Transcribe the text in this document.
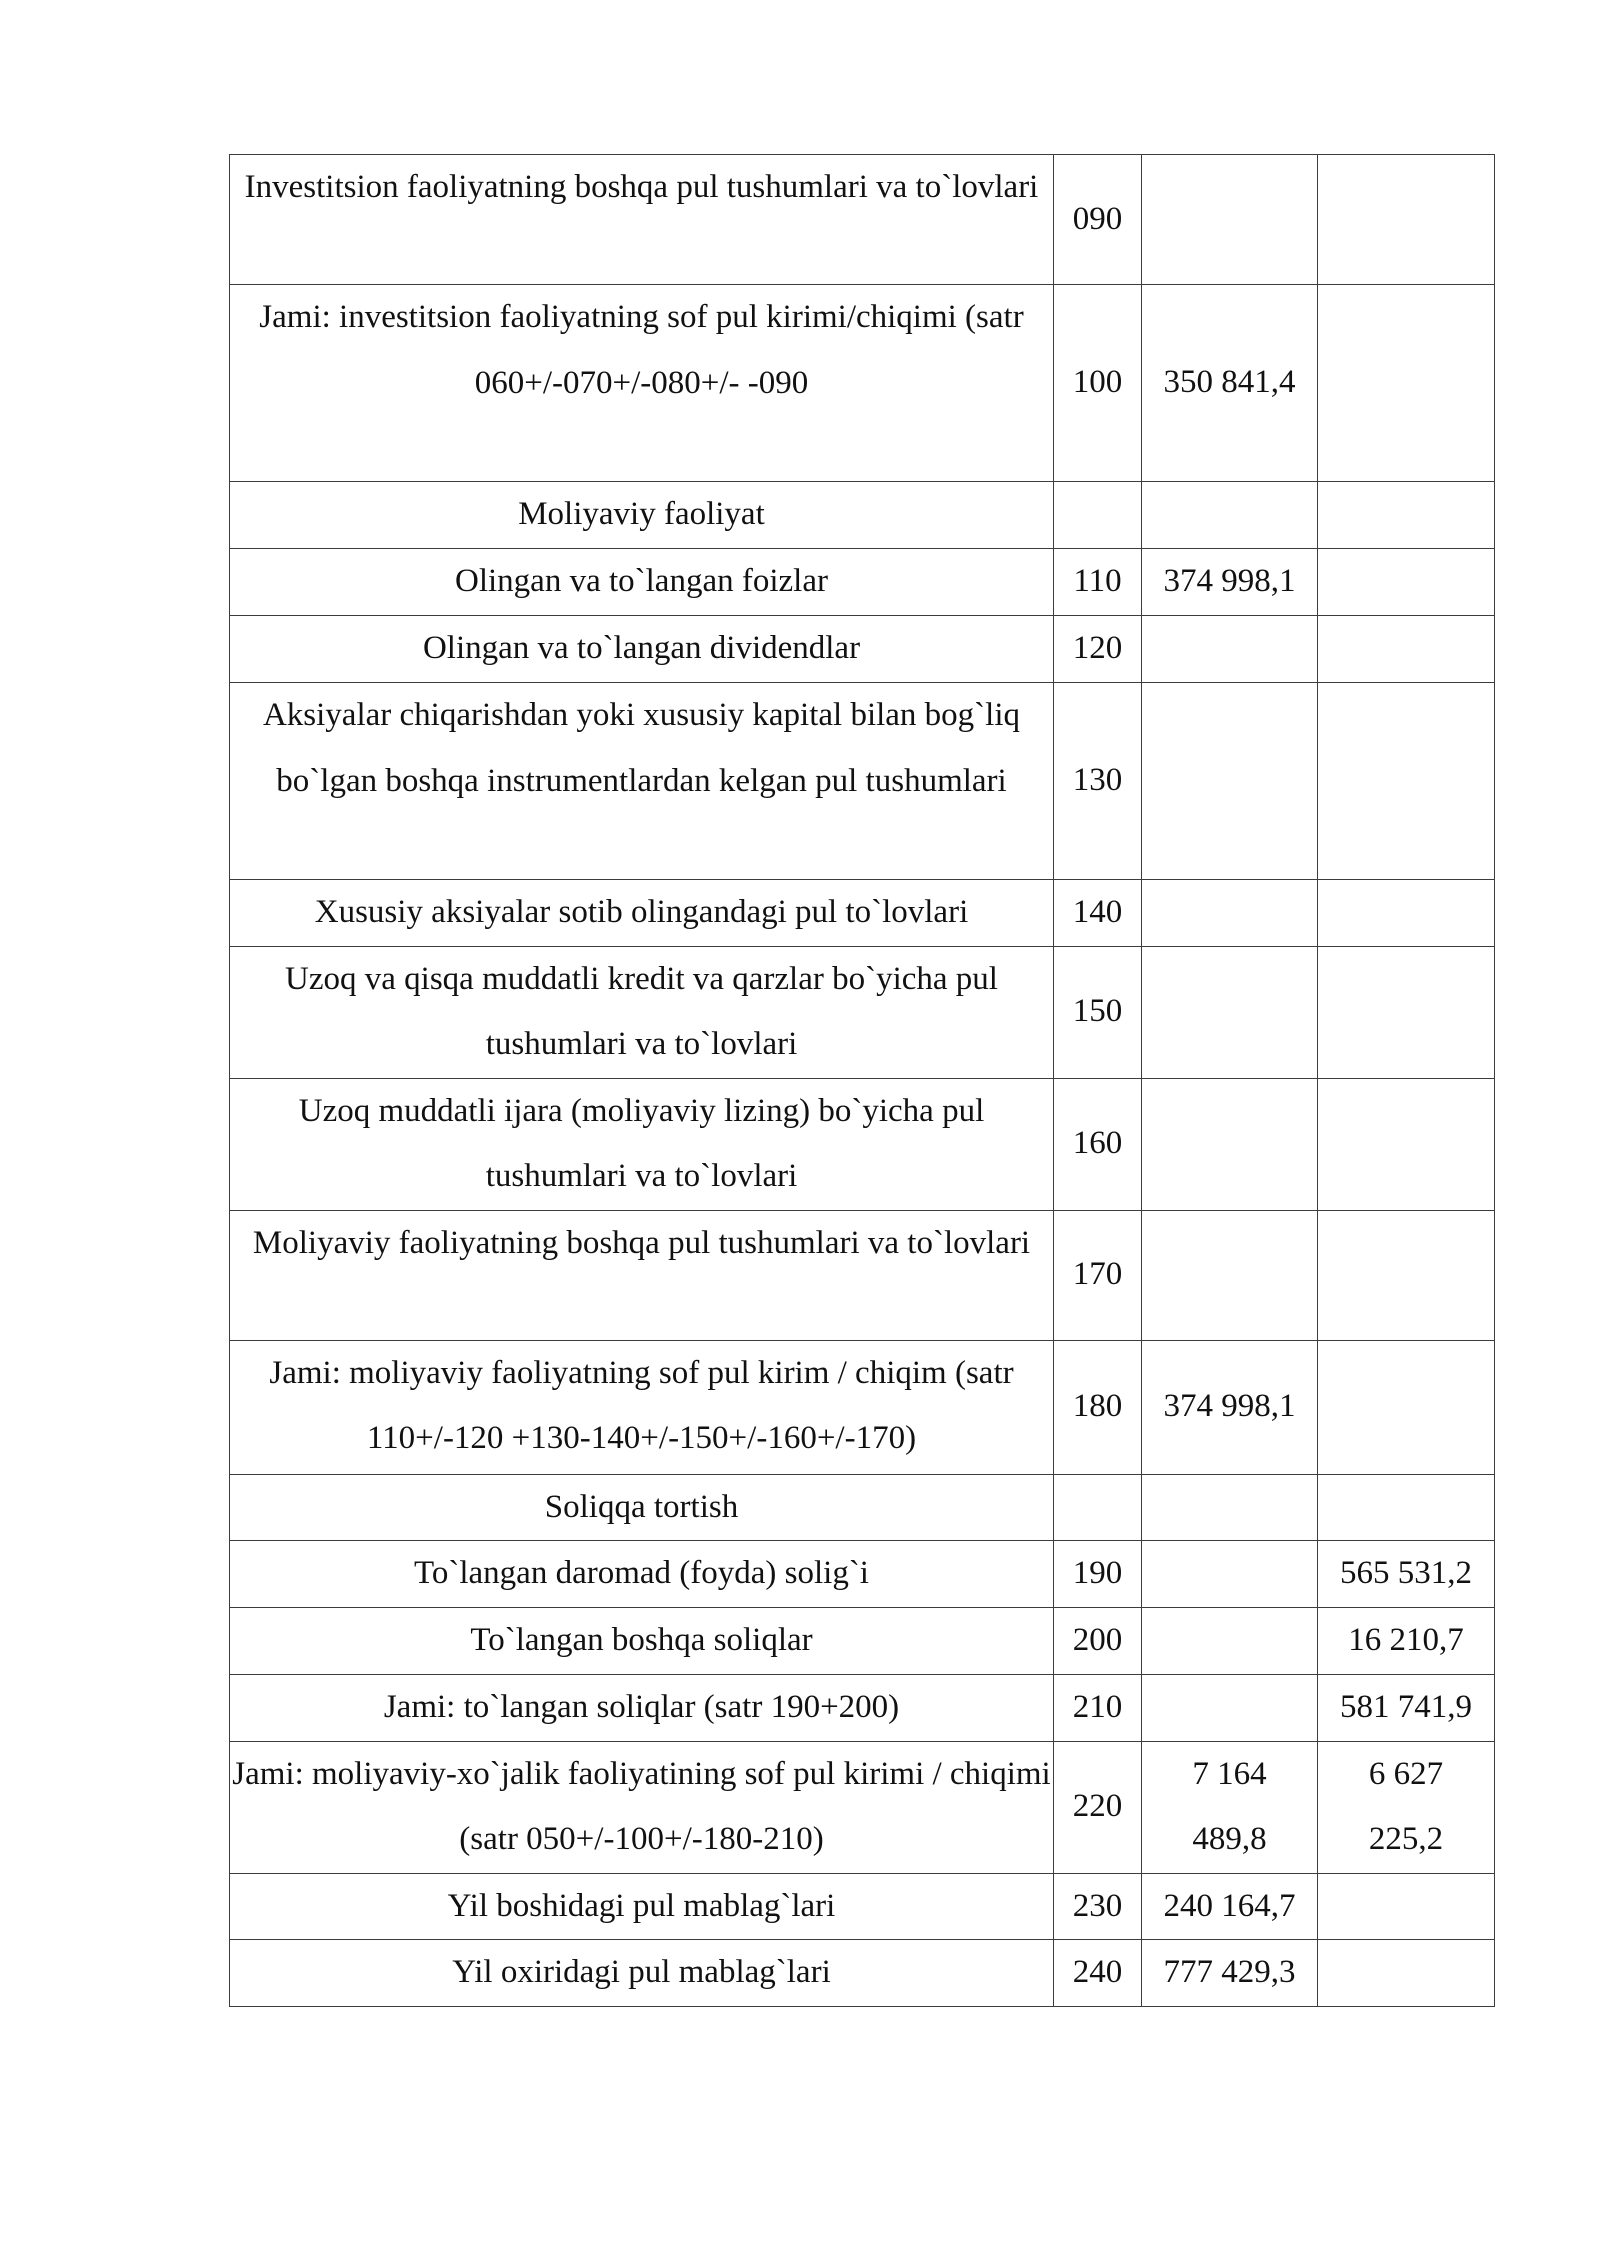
Investitsion faoliyatning boshqa pul tushumlari va to`lovlari	090		
Jami: investitsion faoliyatning sof pul kirimi/chiqimi (satr 060+/-070+/-080+/- -090	100	350 841,4	
Moliyaviy faoliyat			
Olingan va to`langan foizlar	110	374 998,1	
Olingan va to`langan dividendlar	120		
Aksiyalar chiqarishdan yoki xususiy kapital bilan bog`liq bo`lgan boshqa instrumentlardan kelgan pul tushumlari	130		
Xususiy aksiyalar sotib olingandagi pul to`lovlari	140		
Uzoq va qisqa muddatli kredit va qarzlar bo`yicha pul tushumlari va to`lovlari	150		
Uzoq muddatli ijara (moliyaviy lizing) bo`yicha pul tushumlari va to`lovlari	160		
Moliyaviy faoliyatning boshqa pul tushumlari va to`lovlari	170		
Jami: moliyaviy faoliyatning sof pul kirim / chiqim (satr 110+/-120 +130-140+/-150+/-160+/-170)	180	374 998,1	
Soliqqa tortish			
To`langan daromad (foyda) solig`i	190		565 531,2
To`langan boshqa soliqlar	200		16 210,7
Jami: to`langan soliqlar (satr 190+200)	210		581 741,9
Jami: moliyaviy-xo`jalik faoliyatining sof pul kirimi / chiqimi (satr 050+/-100+/-180-210)	220	7 164 489,8	6 627 225,2
Yil boshidagi pul mablag`lari	230	240 164,7	
Yil oxiridagi pul mablag`lari	240	777 429,3	
